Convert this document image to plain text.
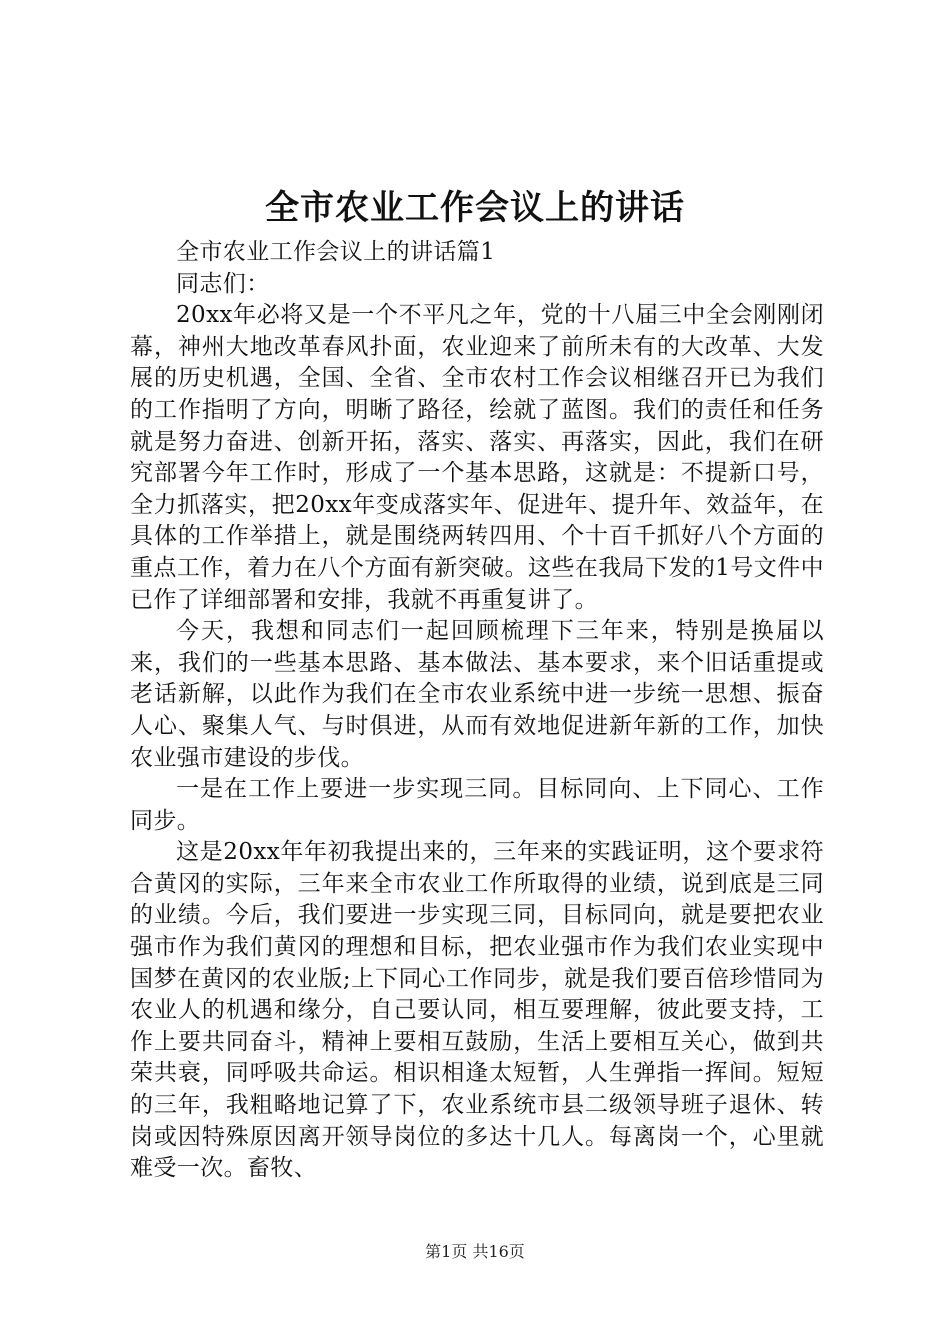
全市农业工作会议上的讲话

全市农业工作会议上的讲话篇1

同志们：

20xx年必将又是一个不平凡之年，党的十八届三中全会刚刚闭幕，神州大地改革春风扑面，农业迎来了前所未有的大改革、大发展的历史机遇，全国、全省、全市农村工作会议相继召开已为我们的工作指明了方向，明晰了路径，绘就了蓝图。我们的责任和任务就是努力奋进、创新开拓，落实、落实、再落实，因此，我们在研究部署今年工作时，形成了一个基本思路，这就是：不提新口号，全力抓落实，把20xx年变成落实年、促进年、提升年、效益年，在具体的工作举措上，就是围绕两转四用、个十百千抓好八个方面的重点工作，着力在八个方面有新突破。这些在我局下发的1号文件中已作了详细部署和安排，我就不再重复讲了。

今天，我想和同志们一起回顾梳理下三年来，特别是换届以来，我们的一些基本思路、基本做法、基本要求，来个旧话重提或老话新解，以此作为我们在全市农业系统中进一步统一思想、振奋人心、聚集人气、与时俱进，从而有效地促进新年新的工作，加快农业强市建设的步伐。

一是在工作上要进一步实现三同。目标同向、上下同心、工作同步。

这是20xx年年初我提出来的，三年来的实践证明，这个要求符合黄冈的实际，三年来全市农业工作所取得的业绩，说到底是三同的业绩。今后，我们要进一步实现三同，目标同向，就是要把农业强市作为我们黄冈的理想和目标，把农业强市作为我们农业实现中国梦在黄冈的农业版;上下同心工作同步，就是我们要百倍珍惜同为农业人的机遇和缘分，自己要认同，相互要理解，彼此要支持，工作上要共同奋斗，精神上要相互鼓励，生活上要相互关心，做到共荣共衰，同呼吸共命运。相识相逢太短暂，人生弹指一挥间。短短的三年，我粗略地记算了下，农业系统市县二级领导班子退休、转岗或因特殊原因离开领导岗位的多达十几人。每离岗一个，心里就难受一次。畜牧、

第1页 共16页
